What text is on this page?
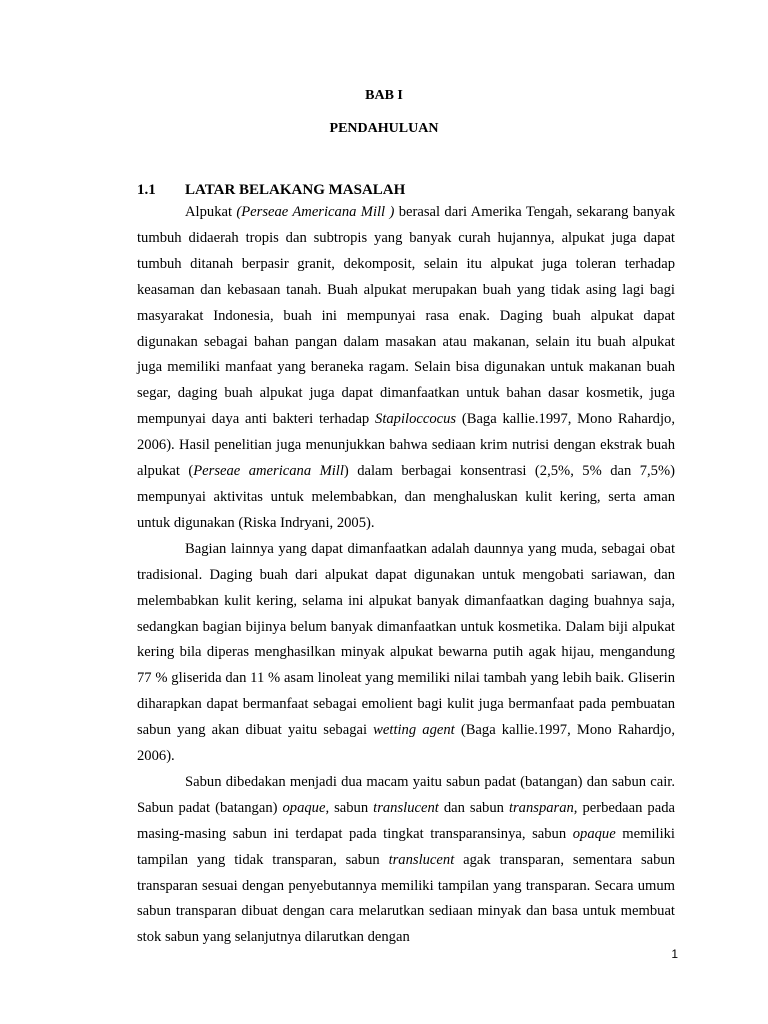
BAB I
PENDAHULUAN
1.1 LATAR BELAKANG MASALAH

Alpukat (Perseae Americana Mill ) berasal dari Amerika Tengah, sekarang banyak tumbuh didaerah tropis dan subtropis yang banyak curah hujannya, alpukat juga dapat tumbuh ditanah berpasir granit, dekomposit, selain itu alpukat juga toleran terhadap keasaman dan kebasaan tanah. Buah alpukat merupakan buah yang tidak asing lagi bagi masyarakat Indonesia, buah ini mempunyai rasa enak. Daging buah alpukat dapat digunakan sebagai bahan pangan dalam masakan atau makanan, selain itu buah alpukat juga memiliki manfaat yang beraneka ragam. Selain bisa digunakan untuk makanan buah segar, daging buah alpukat juga dapat dimanfaatkan untuk bahan dasar kosmetik, juga mempunyai daya anti bakteri terhadap Stapiloccocus (Baga kallie.1997, Mono Rahardjo, 2006). Hasil penelitian juga menunjukkan bahwa sediaan krim nutrisi dengan ekstrak buah alpukat (Perseae americana Mill) dalam berbagai konsentrasi (2,5%, 5% dan 7,5%) mempunyai aktivitas untuk melembabkan, dan menghaluskan kulit kering, serta aman untuk digunakan (Riska Indryani, 2005).

Bagian lainnya yang dapat dimanfaatkan adalah daunnya yang muda, sebagai obat tradisional. Daging buah dari alpukat dapat digunakan untuk mengobati sariawan, dan melembabkan kulit kering, selama ini alpukat banyak dimanfaatkan daging buahnya saja, sedangkan bagian bijinya belum banyak dimanfaatkan untuk kosmetika. Dalam biji alpukat kering bila diperas menghasilkan minyak alpukat bewarna putih agak hijau, mengandung 77 % gliserida dan 11 % asam linoleat yang memiliki nilai tambah yang lebih baik. Gliserin diharapkan dapat bermanfaat sebagai emolient bagi kulit juga bermanfaat pada pembuatan sabun yang akan dibuat yaitu sebagai wetting agent (Baga kallie.1997, Mono Rahardjo, 2006).

Sabun dibedakan menjadi dua macam yaitu sabun padat (batangan) dan sabun cair. Sabun padat (batangan) opaque, sabun translucent dan sabun transparan, perbedaan pada masing-masing sabun ini terdapat pada tingkat transparansinya, sabun opaque memiliki tampilan yang tidak transparan, sabun translucent agak transparan, sementara sabun transparan sesuai dengan penyebutannya memiliki tampilan yang transparan. Secara umum sabun transparan dibuat dengan cara melarutkan sediaan minyak dan basa untuk membuat stok sabun yang selanjutnya dilarutkan dengan

1
